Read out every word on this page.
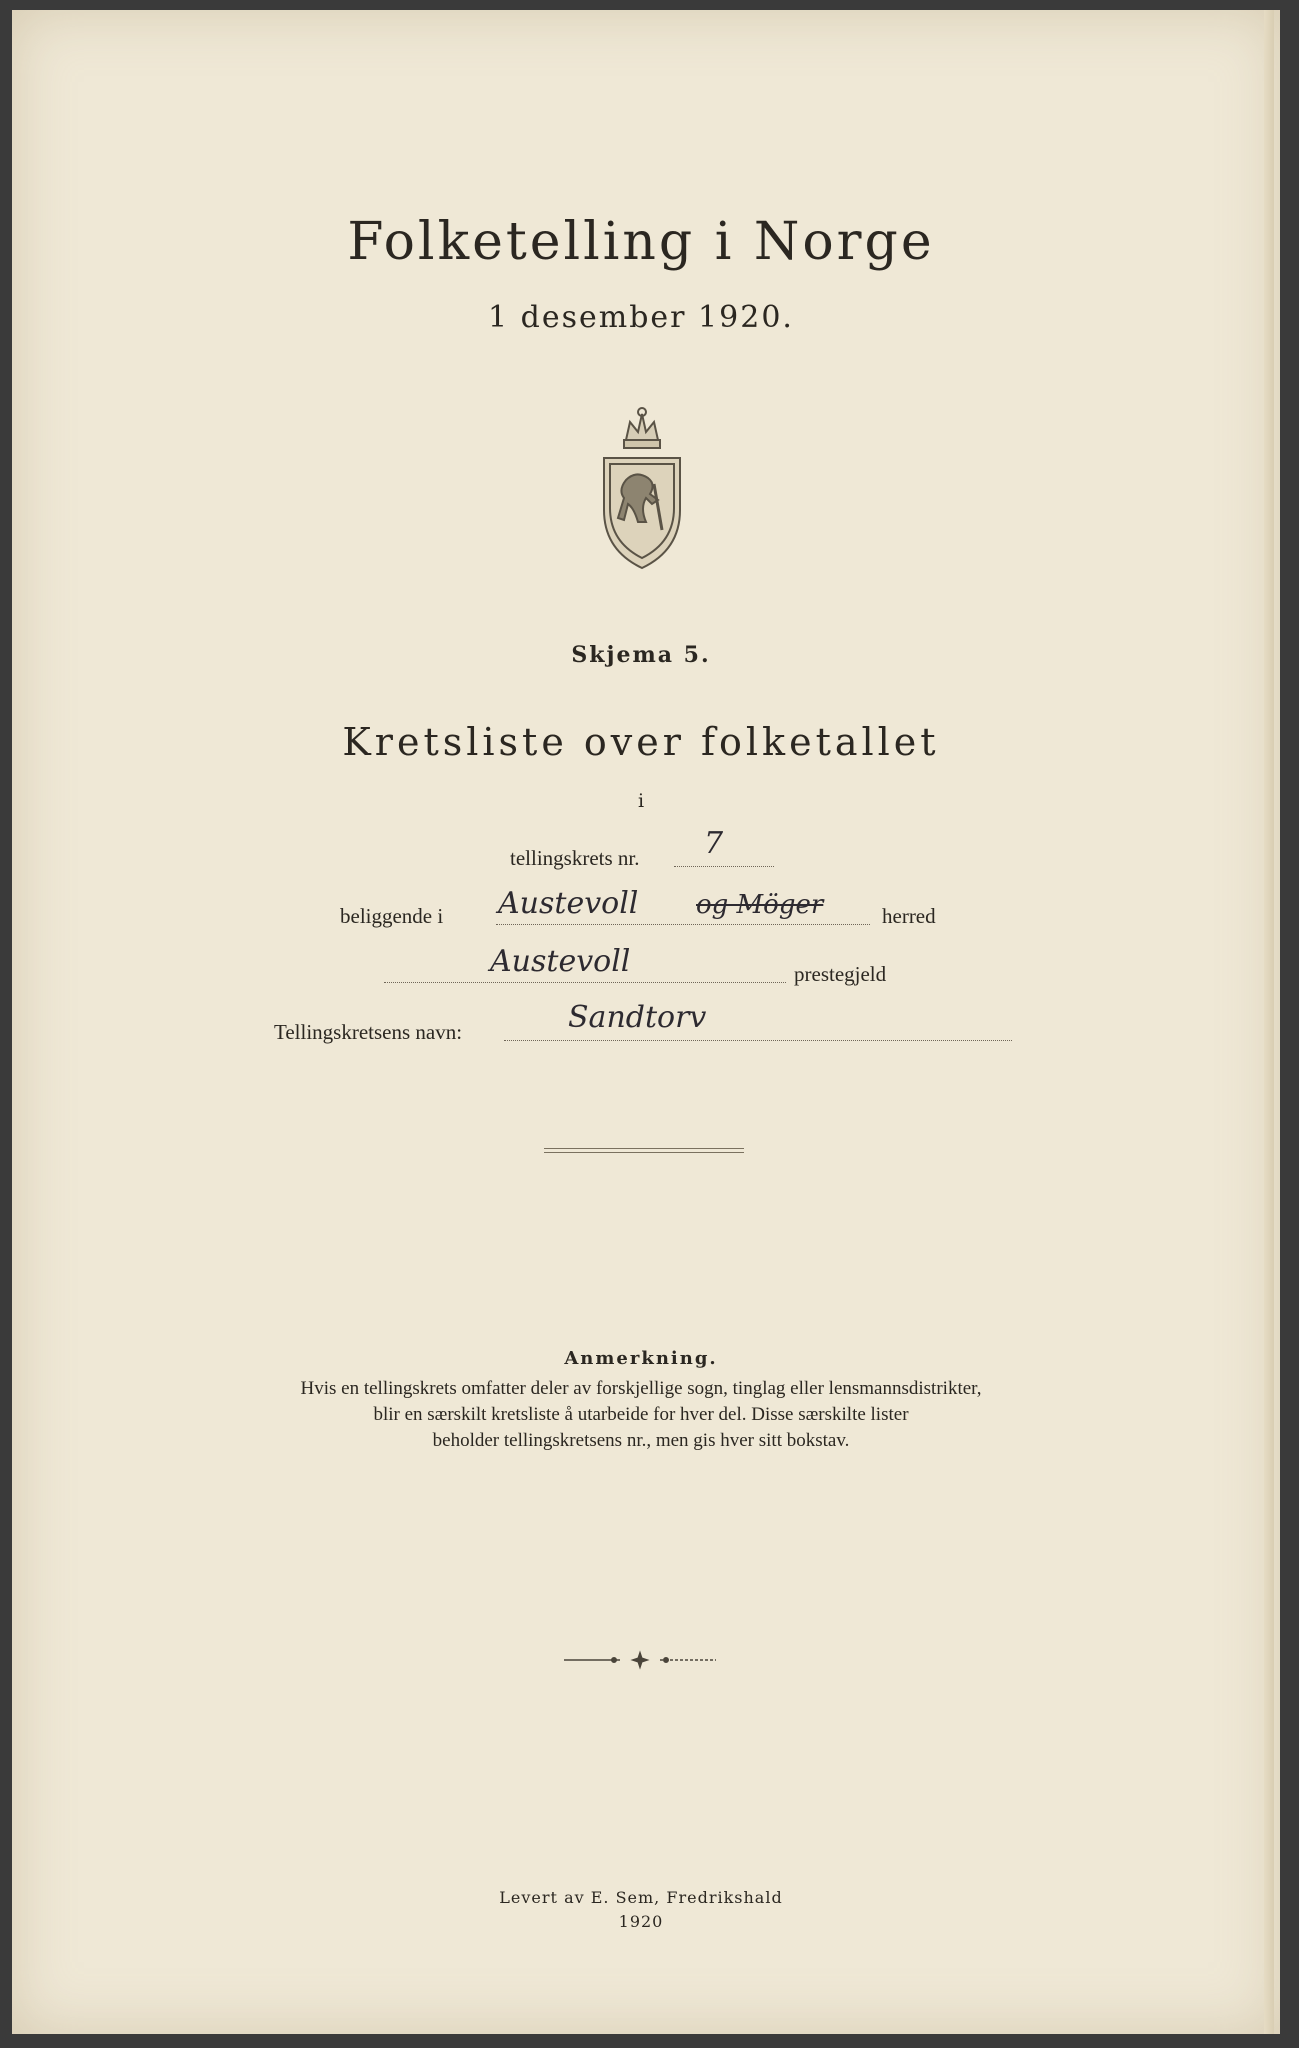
Folketelling i Norge
1 desember 1920.
Skjema 5.
Kretsliste over folketallet
i
tellingskrets nr. 7
beliggende i Austevoll og Möger	herred
Austevoll	prestegjeld
Tellingskretsens navn:	Sandtorv
Anmerkning.
Hvis en tellingskrets omfatter deler av forskjellige sogn, tinglag eller lensmannsdistrikter,
blir en særskilt kretsliste å utarbeide for hver del. Disse særskilte lister
beholder tellingskretsens nr., men gis hver sitt bokstav.
Levert av E. Sem, Fredrikshald
1920
